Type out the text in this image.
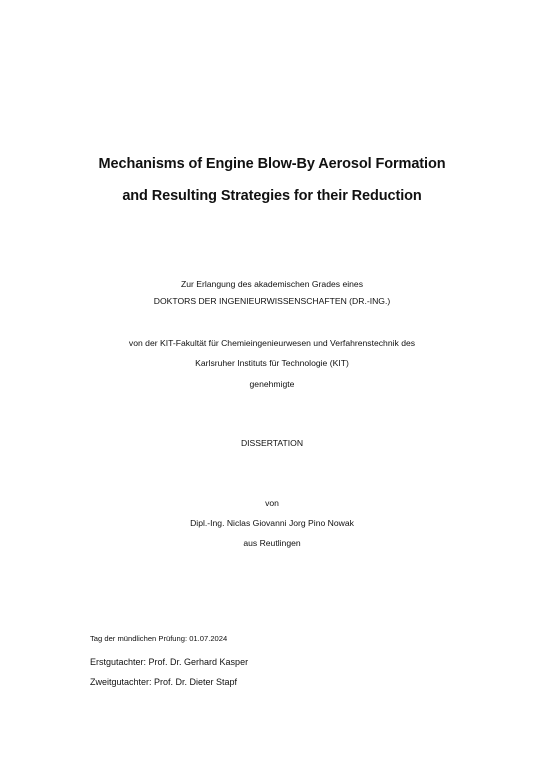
Mechanisms of Engine Blow-By Aerosol Formation

and Resulting Strategies for their Reduction

Zur Erlangung des akademischen Grades eines

DOKTORS DER INGENIEURWISSENSCHAFTEN (DR.-ING.)

von der KIT-Fakultät für Chemieingenieurwesen und Verfahrenstechnik des

Karlsruher Instituts für Technologie (KIT)

genehmigte

DISSERTATION

von

Dipl.-Ing. Niclas Giovanni Jorg Pino Nowak

aus Reutlingen

Tag der mündlichen Prüfung: 01.07.2024

Erstgutachter: Prof. Dr. Gerhard Kasper

Zweitgutachter: Prof. Dr. Dieter Stapf
